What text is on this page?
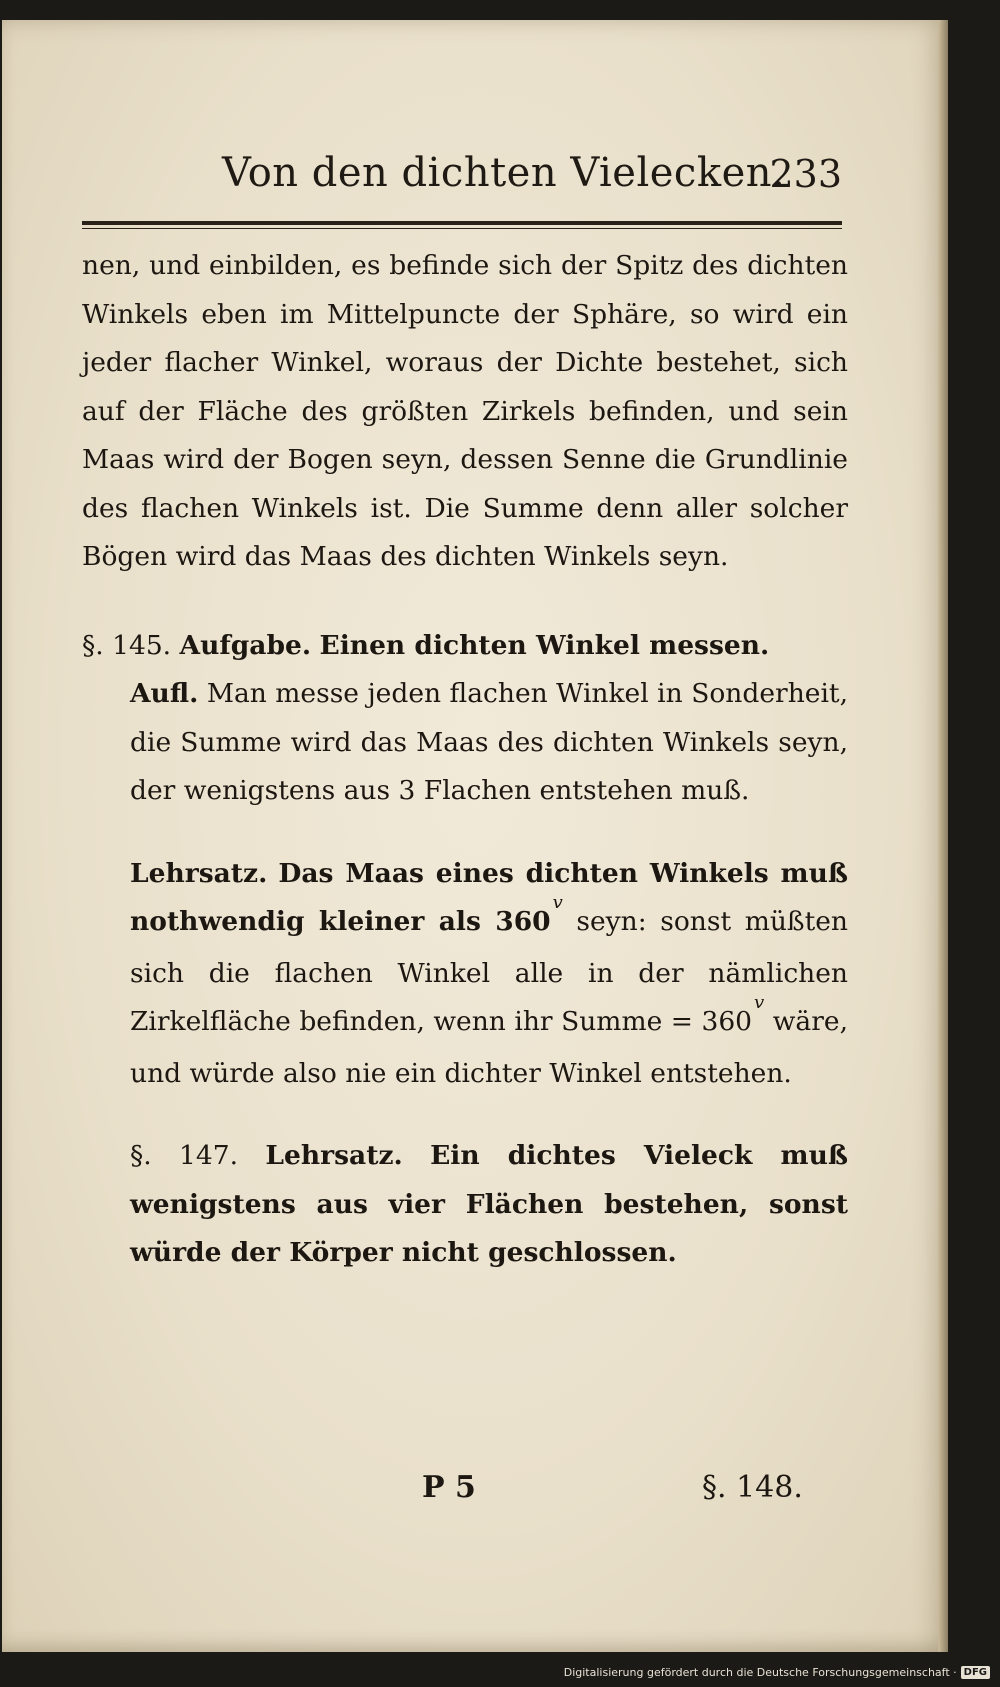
Von den dichten Vielecken.
233

nen, und einbilden, es befinde sich der Spitz des dichten Winkels eben im Mittelpuncte der Sphäre, so wird ein jeder flacher Winkel, woraus der Dichte bestehet, sich auf der Fläche des größten Zirkels befinden, und sein Maas wird der Bogen seyn, dessen Senne die Grundlinie des flachen Winkels ist. Die Summe denn aller solcher Bögen wird das Maas des dichten Winkels seyn.

§. 145. Aufgabe. Einen dichten Winkel messen.

Aufl. Man messe jeden flachen Winkel in Sonderheit, die Summe wird das Maas des dichten Winkels seyn, der wenigstens aus 3 Flachen entstehen muß.

Lehrsatz. Das Maas eines dichten Winkels muß nothwendig kleiner als 360v seyn: sonst müßten sich die flachen Winkel alle in der nämlichen Zirkelfläche befinden, wenn ihr Summe = 360v wäre, und würde also nie ein dichter Winkel entstehen.

§. 147. Lehrsatz. Ein dichtes Vieleck muß wenigstens aus vier Flächen bestehen, sonst würde der Körper nicht geschlossen.

P 5	§. 148.
Digitalisierung gefördert durch die Deutsche Forschungsgemeinschaft · DFG
